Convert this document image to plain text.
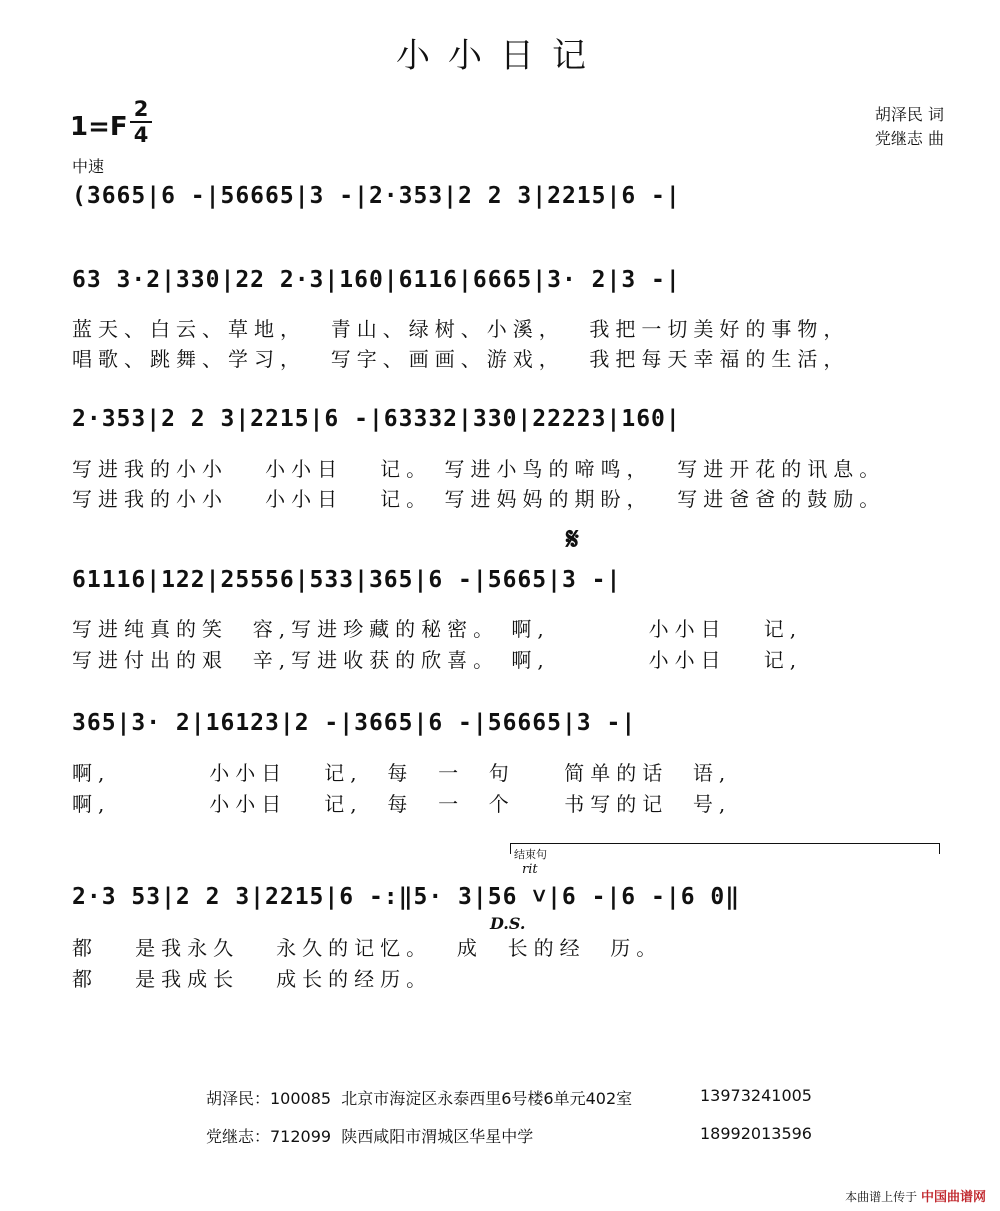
小小日记
1=F
2
4
胡泽民 词
党继志 曲
中速
(3665|6 -|56665|3 -|2·353|2 2 3|2215|6 -|
63 3·2|330|22 2·3|160|6116|6665|3· 2|3 -|
蓝天、白云、草地，  青山、绿树、小溪，  我把一切美好的事物，
唱歌、跳舞、学习，  写字、画画、游戏，  我把每天幸福的生活，
2·353|2 2 3|2215|6 -|63332|330|22223|160|
写进我的小小   小小日   记。 写进小鸟的啼鸣，  写进开花的讯息。
写进我的小小   小小日   记。 写进妈妈的期盼，  写进爸爸的鼓励。
𝄋
61116|122|25556|533|365|6 -|5665|3 -|
写进纯真的笑  容,写进珍藏的秘密。 啊,        小小日   记,
写进付出的艰  辛,写进收获的欣喜。 啊,        小小日   记,
365|3· 2|16123|2 -|3665|6 -|56665|3 -|
啊,        小小日   记,  每  一  句    简单的话  语,
啊,        小小日   记,  每  一  个    书写的记  号,
结束句
rit
2·3 53|2 2 3|2215|6 -:‖5· 3|56 ˅|6 -|6 -|6 0‖
D.S.
都   是我永久   永久的记忆。  成  长的经  历。
都   是我成长   成长的经历。
胡泽民：100085  北京市海淀区永泰西里6号楼6单元402室	13973241005
党继志：712099  陕西咸阳市渭城区华星中学	18992013596
本曲谱上传于 中国曲谱网
